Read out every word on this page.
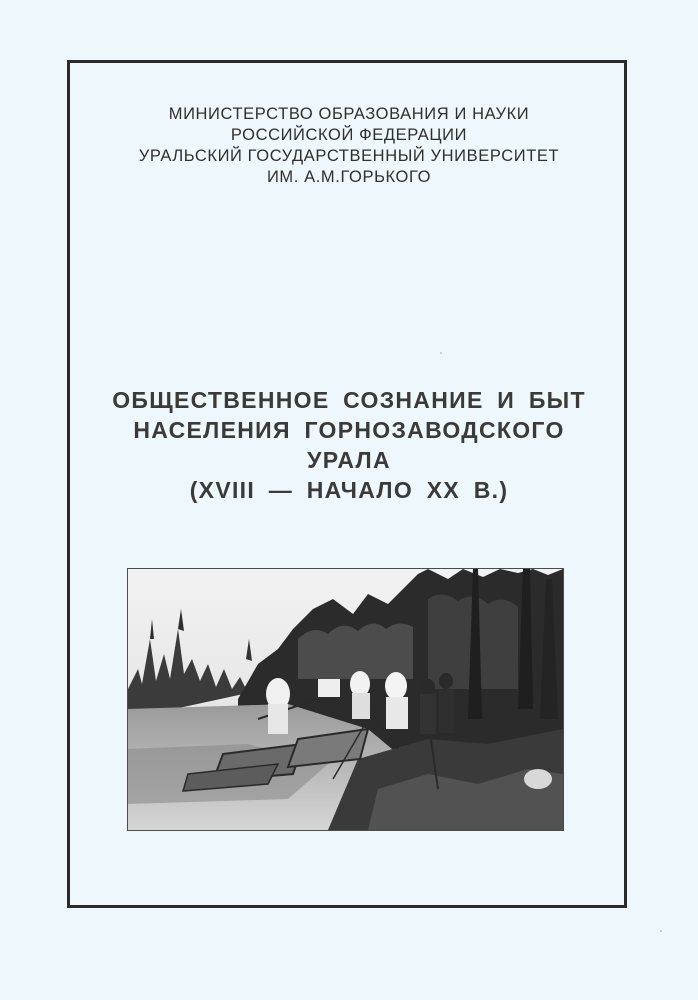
МИНИСТЕРСТВО ОБРАЗОВАНИЯ И НАУКИ
РОССИЙСКОЙ ФЕДЕРАЦИИ
УРАЛЬСКИЙ ГОСУДАРСТВЕННЫЙ УНИВЕРСИТЕТ
ИМ. А.М.ГОРЬКОГО
ОБЩЕСТВЕННОЕ СОЗНАНИЕ И БЫТ
НАСЕЛЕНИЯ ГОРНОЗАВОДСКОГО
УРАЛА
(XVIII — НАЧАЛО XX В.)
